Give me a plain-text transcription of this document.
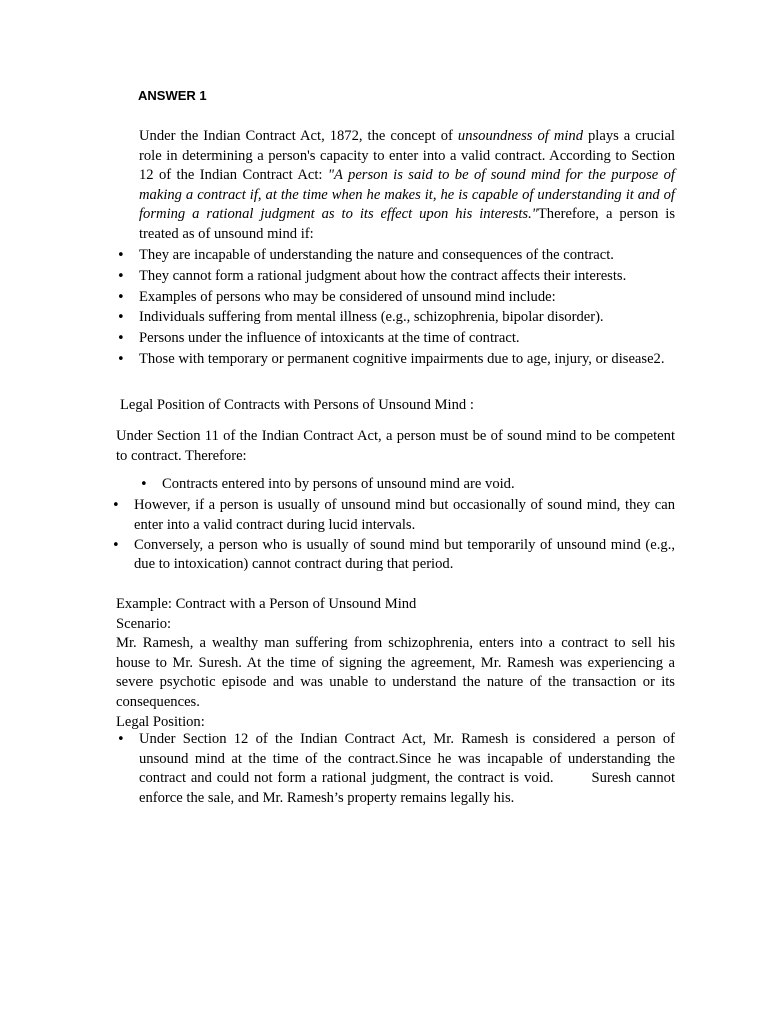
ANSWER 1

Under the Indian Contract Act, 1872, the concept of unsoundness of mind plays a crucial role in determining a person's capacity to enter into a valid contract. According to Section 12 of the Indian Contract Act: "A person is said to be of sound mind for the purpose of making a contract if, at the time when he makes it, he is capable of understanding it and of forming a rational judgment as to its effect upon his interests."Therefore, a person is treated as of unsound mind if:

• They are incapable of understanding the nature and consequences of the contract.
• They cannot form a rational judgment about how the contract affects their interests.
• Examples of persons who may be considered of unsound mind include:
• Individuals suffering from mental illness (e.g., schizophrenia, bipolar disorder).
• Persons under the influence of intoxicants at the time of contract.
• Those with temporary or permanent cognitive impairments due to age, injury, or disease2.

Legal Position of Contracts with Persons of Unsound Mind :

Under Section 11 of the Indian Contract Act, a person must be of sound mind to be competent to contract. Therefore:

• Contracts entered into by persons of unsound mind are void.
• However, if a person is usually of unsound mind but occasionally of sound mind, they can enter into a valid contract during lucid intervals.
• Conversely, a person who is usually of sound mind but temporarily of unsound mind (e.g., due to intoxication) cannot contract during that period.
Example: Contract with a Person of Unsound Mind
Scenario:
Mr. Ramesh, a wealthy man suffering from schizophrenia, enters into a contract to sell his house to Mr. Suresh. At the time of signing the agreement, Mr. Ramesh was experiencing a severe psychotic episode and was unable to understand the nature of the transaction or its consequences.
Legal Position:
• Under Section 12 of the Indian Contract Act, Mr. Ramesh is considered a person of unsound mind at the time of the contract.Since he was incapable of understanding the contract and could not form a rational judgment, the contract is void.	Suresh cannot enforce the sale, and Mr. Ramesh’s property remains legally his.
